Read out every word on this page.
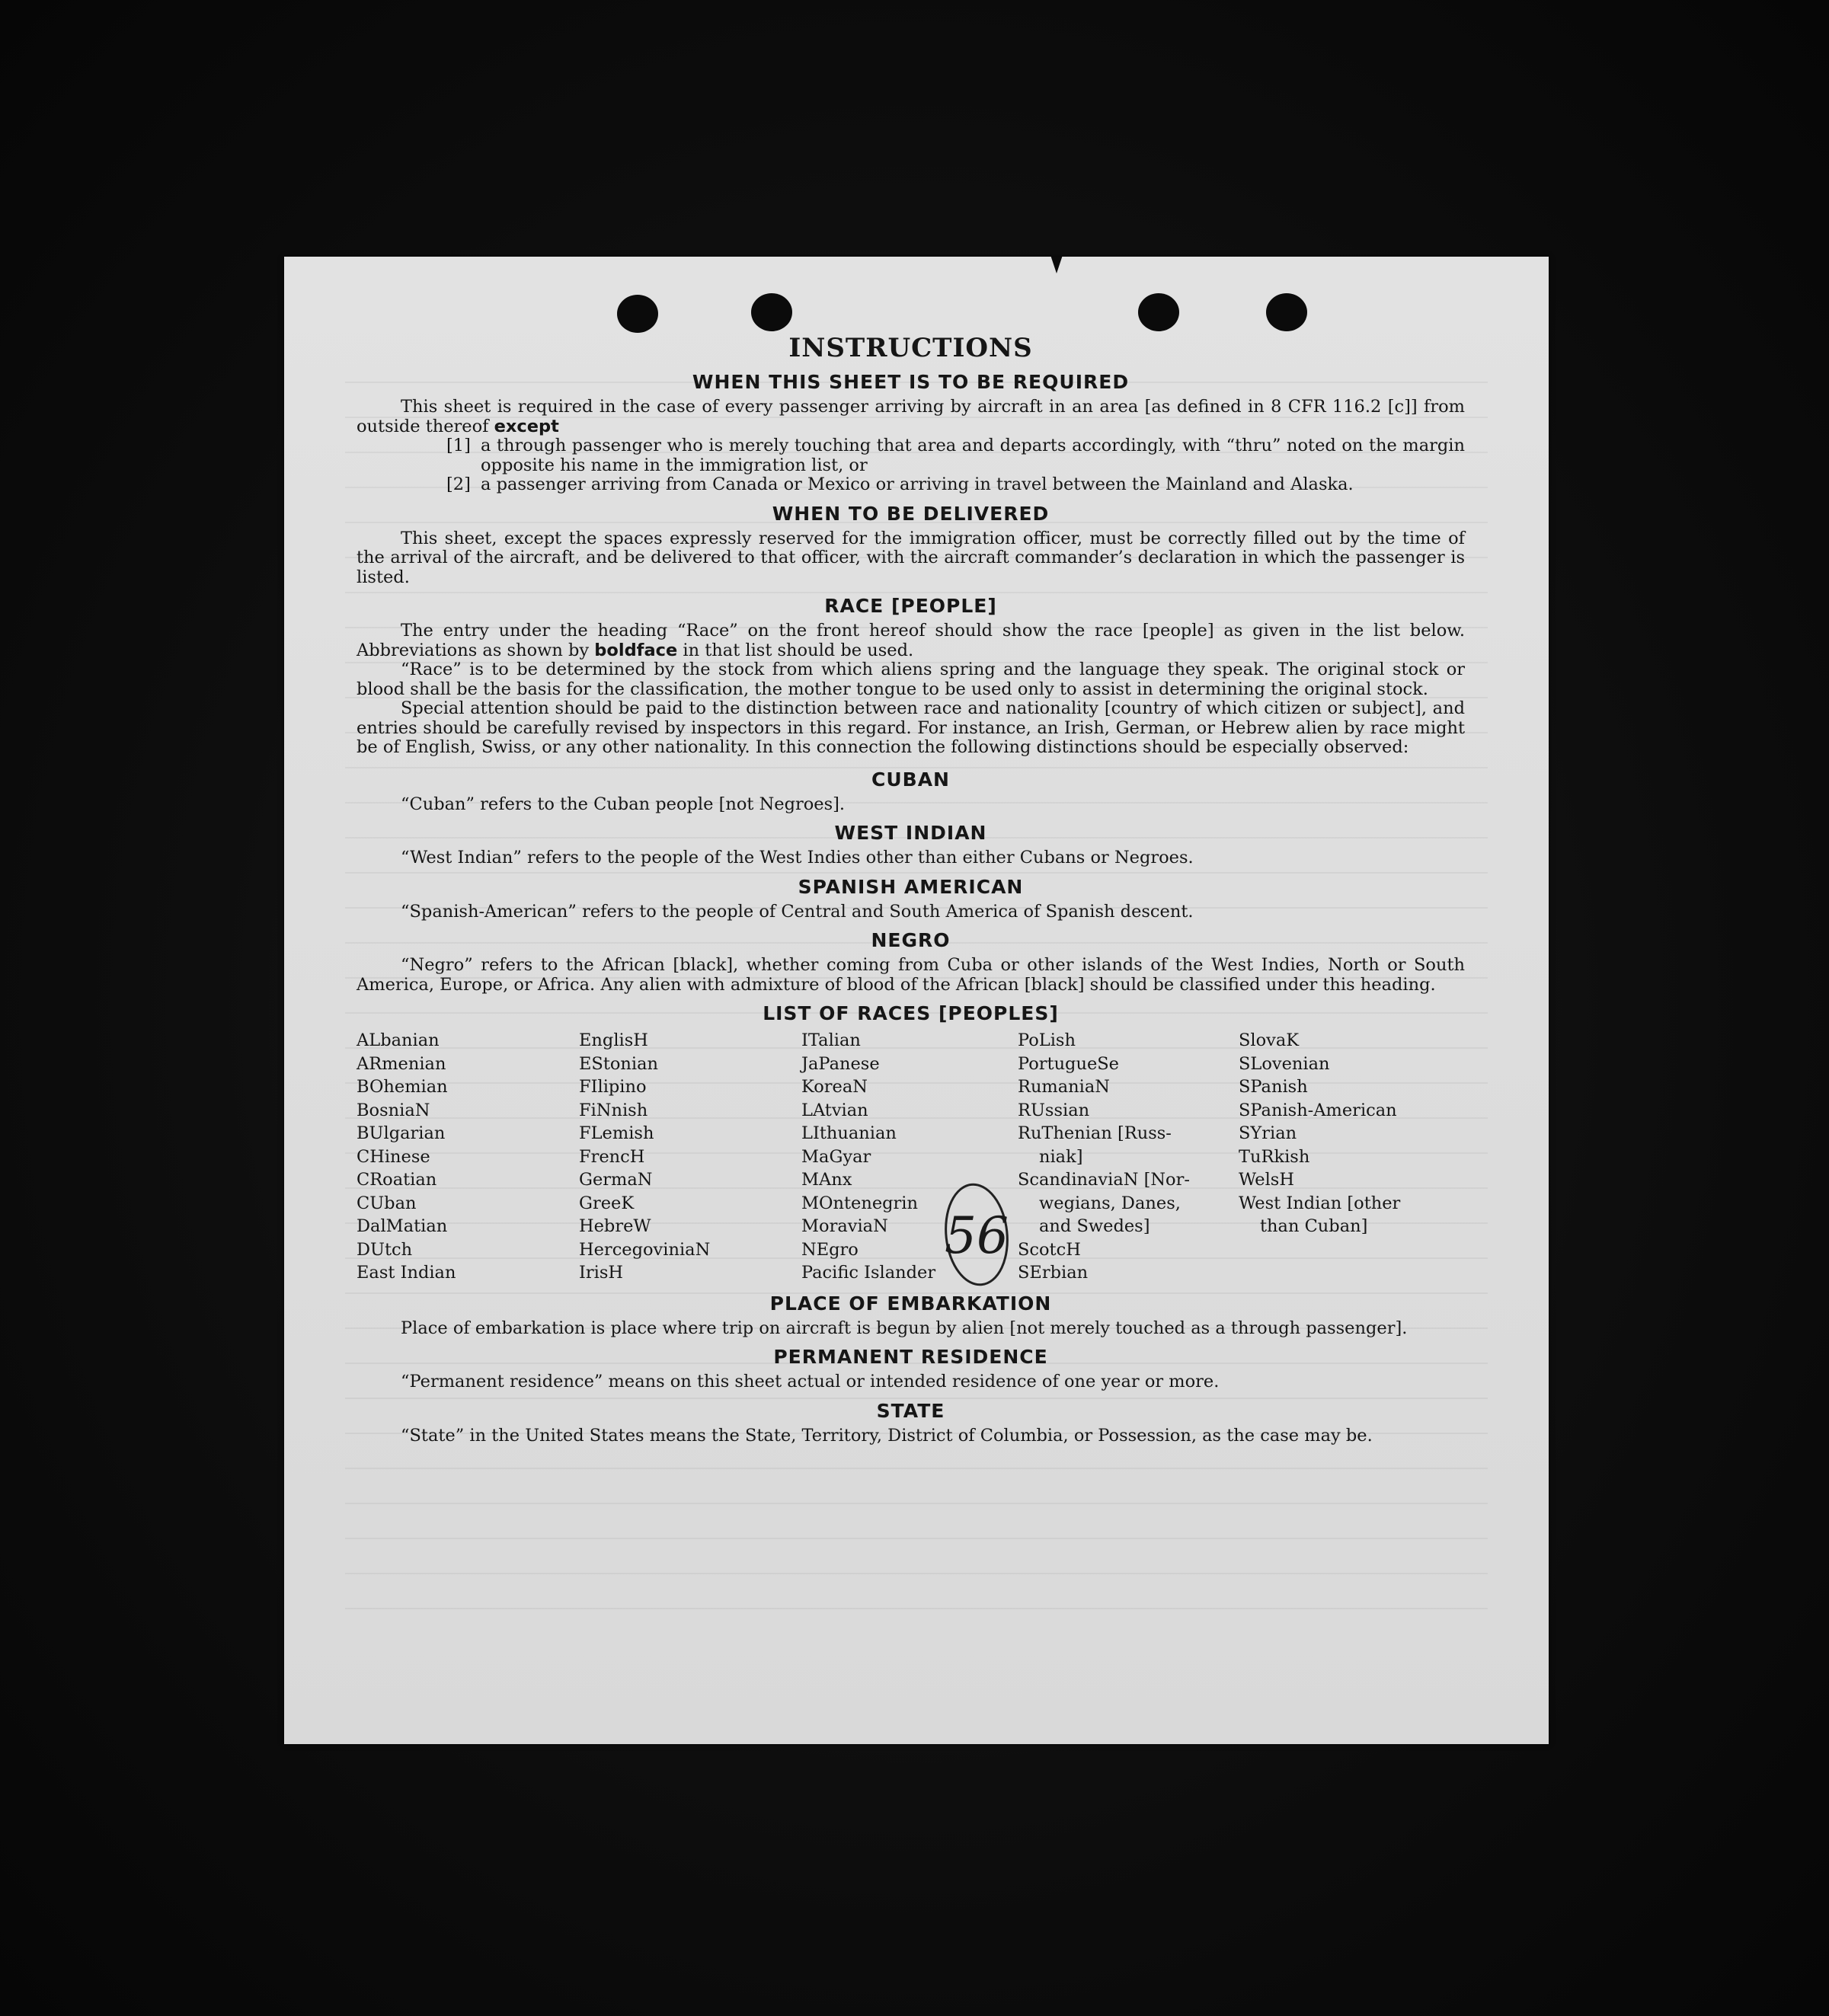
INSTRUCTIONS
WHEN THIS SHEET IS TO BE REQUIRED

This sheet is required in the case of every passenger arriving by aircraft in an area [as defined in 8 CFR 116.2 [c]] from outside thereof except

[1] a through passenger who is merely touching that area and departs accordingly, with “thru” noted on the margin opposite his name in the immigration list, or
[2] a passenger arriving from Canada or Mexico or arriving in travel between the Mainland and Alaska.
WHEN TO BE DELIVERED

This sheet, except the spaces expressly reserved for the immigration officer, must be correctly filled out by the time of the arrival of the aircraft, and be delivered to that officer, with the aircraft commander’s declaration in which the passenger is listed.

RACE [PEOPLE]

The entry under the heading “Race” on the front hereof should show the race [people] as given in the list below. Abbreviations as shown by boldface in that list should be used.

“Race” is to be determined by the stock from which aliens spring and the language they speak. The original stock or blood shall be the basis for the classification, the mother tongue to be used only to assist in determining the original stock.

Special attention should be paid to the distinction between race and nationality [country of which citizen or subject], and entries should be carefully revised by inspectors in this regard. For instance, an Irish, German, or Hebrew alien by race might be of English, Swiss, or any other nationality. In this connection the following distinctions should be especially observed:

CUBAN

“Cuban” refers to the Cuban people [not Negroes].

WEST INDIAN

“West Indian” refers to the people of the West Indies other than either Cubans or Negroes.

SPANISH AMERICAN

“Spanish-American” refers to the people of Central and South America of Spanish descent.

NEGRO

“Negro” refers to the African [black], whether coming from Cuba or other islands of the West Indies, North or South America, Europe, or Africa. Any alien with admixture of blood of the African [black] should be classified under this heading.

LIST OF RACES [PEOPLES]
ALbanian
ARmenian
BOhemian
BosniaN
BUlgarian
CHinese
CRoatian
CUban
DalMatian
DUtch
East Indian
EnglisH
EStonian
FIlipino
FiNnish
FLemish
FrencH
GermaN
GreeK
HebreW
HercegoviniaN
IrisH
ITalian
JaPanese
KoreaN
LAtvian
LIthuanian
MaGyar
MAnx
MOntenegrin
MoraviaN
NEgro
Pacific Islander
PoLish
PortugueSe
RumaniaN
RUssian
RuThenian [Russ-
niak]
ScandinaviaN [Nor-
wegians, Danes,
and Swedes]
ScotcH
SErbian
SlovaK
SLovenian
SPanish
SPanish-American
SYrian
TuRkish
WelsH
West Indian [other
than Cuban]
PLACE OF EMBARKATION

Place of embarkation is place where trip on aircraft is begun by alien [not merely touched as a through passenger].

PERMANENT RESIDENCE

“Permanent residence” means on this sheet actual or intended residence of one year or more.

STATE

“State” in the United States means the State, Territory, District of Columbia, or Possession, as the case may be.

56
